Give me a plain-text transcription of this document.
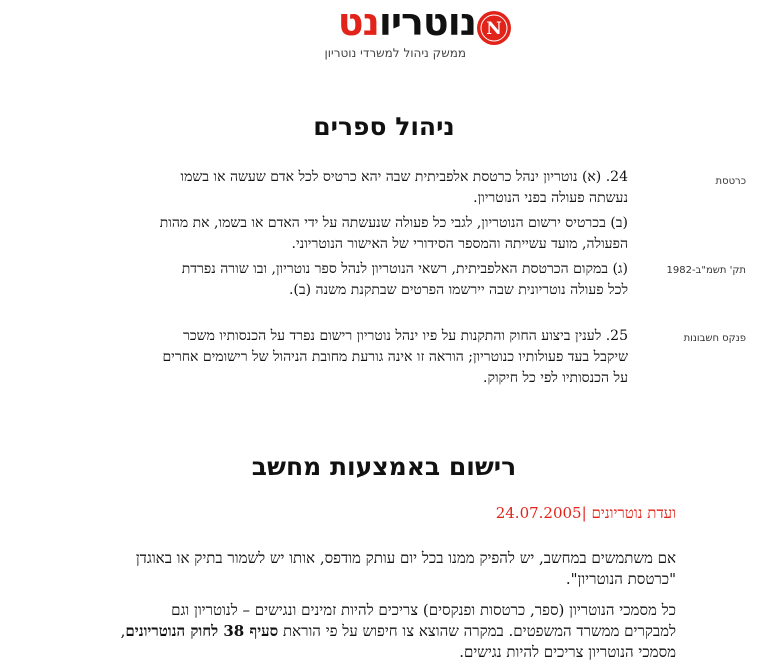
נוטריונט
ממשק ניהול למשרדי נוטריון
N
ניהול ספרים
כרטסת
תק' תשמ"ב-1982
פנקס חשבונות
24. (א) נוטריון ינהל כרטסת אלפביתית שבה יהא כרטיס לכל אדם שעשה או בשמו
נעשתה פעולה בפני הנוטריון.
(ב) בכרטיס ירשום הנוטריון, לגבי כל פעולה שנעשתה על ידי האדם או בשמו, את מהות
הפעולה, מועד עשייתה והמספר הסידורי של האישור הנוטריוני.
(ג) במקום הכרטסת האלפביתית, רשאי הנוטריון לנהל ספר נוטריון, ובו שורה נפרדת
לכל פעולה נוטריונית שבה יירשמו הפרטים שבתקנת משנה (ב).
25. לענין ביצוע החוק והתקנות על פיו ינהל נוטריון רישום נפרד על הכנסותיו משכר
שיקבל בעד פעולותיו כנוטריון; הוראה זו אינה גורעת מחובת הניהול של רישומים אחרים
על הכנסותיו לפי כל חיקוק.
רישום באמצעות מחשב
ועדת נוטריונים |24.07.2005
אם משתמשים במחשב, יש להפיק ממנו בכל יום עותק מודפס, אותו יש לשמור בתיק או באוגדן
"כרטסת הנוטריון".
כל מסמכי הנוטריון (ספר, כרטסות ופנקסים) צריכים להיות זמינים ונגישים – לנוטריון וגם
למבקרים ממשרד המשפטים. במקרה שהוצא צו חיפוש על פי הוראת סעיף 38 לחוק הנוטריונים,
מסמכי הנוטריון צריכים להיות נגישים.
